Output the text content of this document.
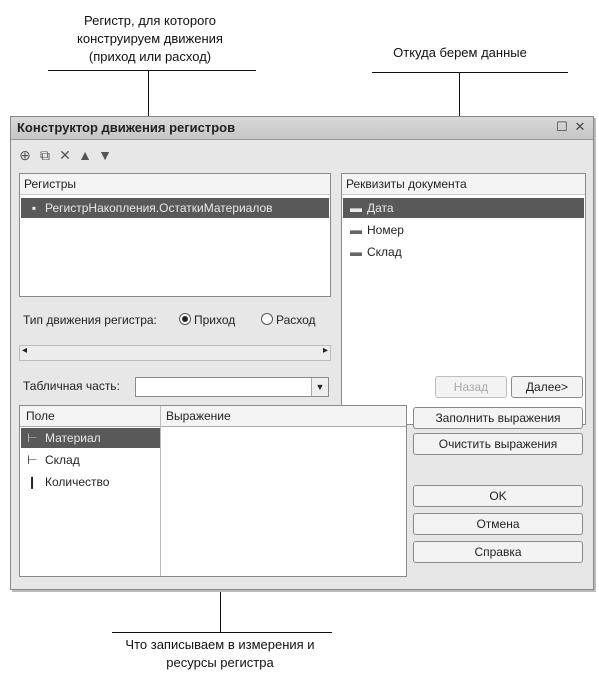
Регистр, для которого
конструируем движения
(приход или расход)	Откуда берем данные
Что записываем в измерения и
ресурсы регистра
Конструктор движения регистров	☐ ✕
⊕ ⧉ ✕ ▲ ▼
Регистры
▪ РегистрНакопления.ОстаткиМатериалов
Реквизиты документа
▬ Дата
▬ Номер
▬ Склад
Тип движения регистра:	Приход	Расход
◂	▸
Табличная часть:	▼	Назад	Далее>
Поле	Выражение
⊢ Материал
⊢ Склад
❙ Количество
Заполнить выражения
Очистить выражения
OK
Отмена
Справка
